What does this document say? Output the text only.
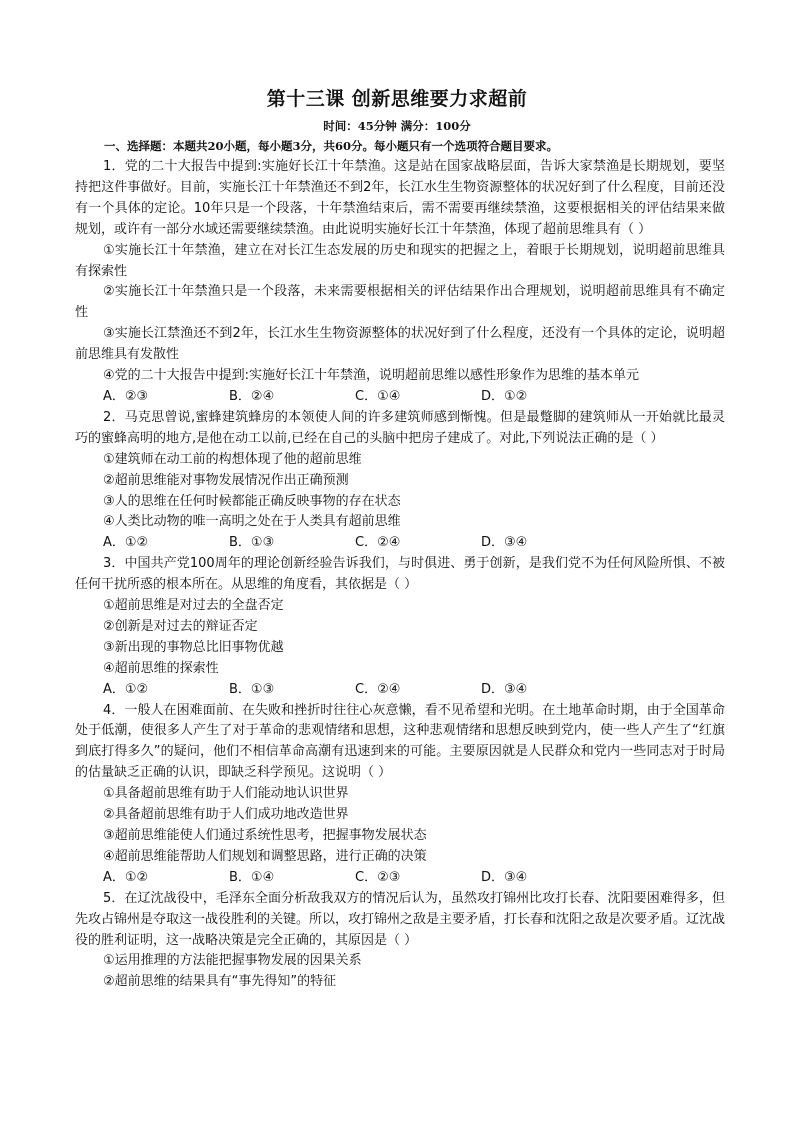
第十三课 创新思维要力求超前
时间：45分钟 满分：100分
一、选择题：本题共20小题，每小题3分，共60分。每小题只有一个选项符合题目要求。

1．党的二十大报告中提到:实施好长江十年禁渔。这是站在国家战略层面，告诉大家禁渔是长期规划，要坚持把这件事做好。目前，实施长江十年禁渔还不到2年，长江水生生物资源整体的状况好到了什么程度，目前还没有一个具体的定论。10年只是一个段落，十年禁渔结束后，需不需要再继续禁渔，这要根据相关的评估结果来做规划，或许有一部分水域还需要继续禁渔。由此说明实施好长江十年禁渔，体现了超前思维具有（ ）

①实施长江十年禁渔，建立在对长江生态发展的历史和现实的把握之上，着眼于长期规划，说明超前思维具有探索性

②实施长江十年禁渔只是一个段落，未来需要根据相关的评估结果作出合理规划，说明超前思维具有不确定性

③实施长江禁渔还不到2年，长江水生生物资源整体的状况好到了什么程度，还没有一个具体的定论，说明超前思维具有发散性

④党的二十大报告中提到:实施好长江十年禁渔，说明超前思维以感性形象作为思维的基本单元

A．②③	B．②④	C．①④	D．①②

2．马克思曾说,蜜蜂建筑蜂房的本领使人间的许多建筑师感到惭愧。但是最蹩脚的建筑师从一开始就比最灵巧的蜜蜂高明的地方,是他在动工以前,已经在自己的头脑中把房子建成了。对此,下列说法正确的是（ ）

①建筑师在动工前的构想体现了他的超前思维

②超前思维能对事物发展情况作出正确预测

③人的思维在任何时候都能正确反映事物的存在状态

④人类比动物的唯一高明之处在于人类具有超前思维

A．①②	B．①③	C．②④	D．③④

3．中国共产党100周年的理论创新经验告诉我们，与时俱进、勇于创新，是我们党不为任何风险所惧、不被任何干扰所惑的根本所在。从思维的角度看，其依据是（ ）

①超前思维是对过去的全盘否定

②创新是对过去的辩证否定

③新出现的事物总比旧事物优越

④超前思维的探索性

A．①②	B．①③	C．②④	D．③④

4．一般人在困难面前、在失败和挫折时往往心灰意懒，看不见希望和光明。在土地革命时期，由于全国革命处于低潮，使很多人产生了对于革命的悲观情绪和思想，这种悲观情绪和思想反映到党内，使一些人产生了“红旗到底打得多久”的疑问，他们不相信革命高潮有迅速到来的可能。主要原因就是人民群众和党内一些同志对于时局的估量缺乏正确的认识，即缺乏科学预见。这说明（ ）

①具备超前思维有助于人们能动地认识世界

②具备超前思维有助于人们成功地改造世界

③超前思维能使人们通过系统性思考，把握事物发展状态

④超前思维能帮助人们规划和调整思路，进行正确的决策

A．①②	B．①④	C．②③	D．③④

5．在辽沈战役中，毛泽东全面分析敌我双方的情况后认为，虽然攻打锦州比攻打长春、沈阳要困难得多，但先攻占锦州是夺取这一战役胜利的关键。所以，攻打锦州之敌是主要矛盾，打长春和沈阳之敌是次要矛盾。辽沈战役的胜利证明，这一战略决策是完全正确的，其原因是（ ）

①运用推理的方法能把握事物发展的因果关系

②超前思维的结果具有“事先得知”的特征
